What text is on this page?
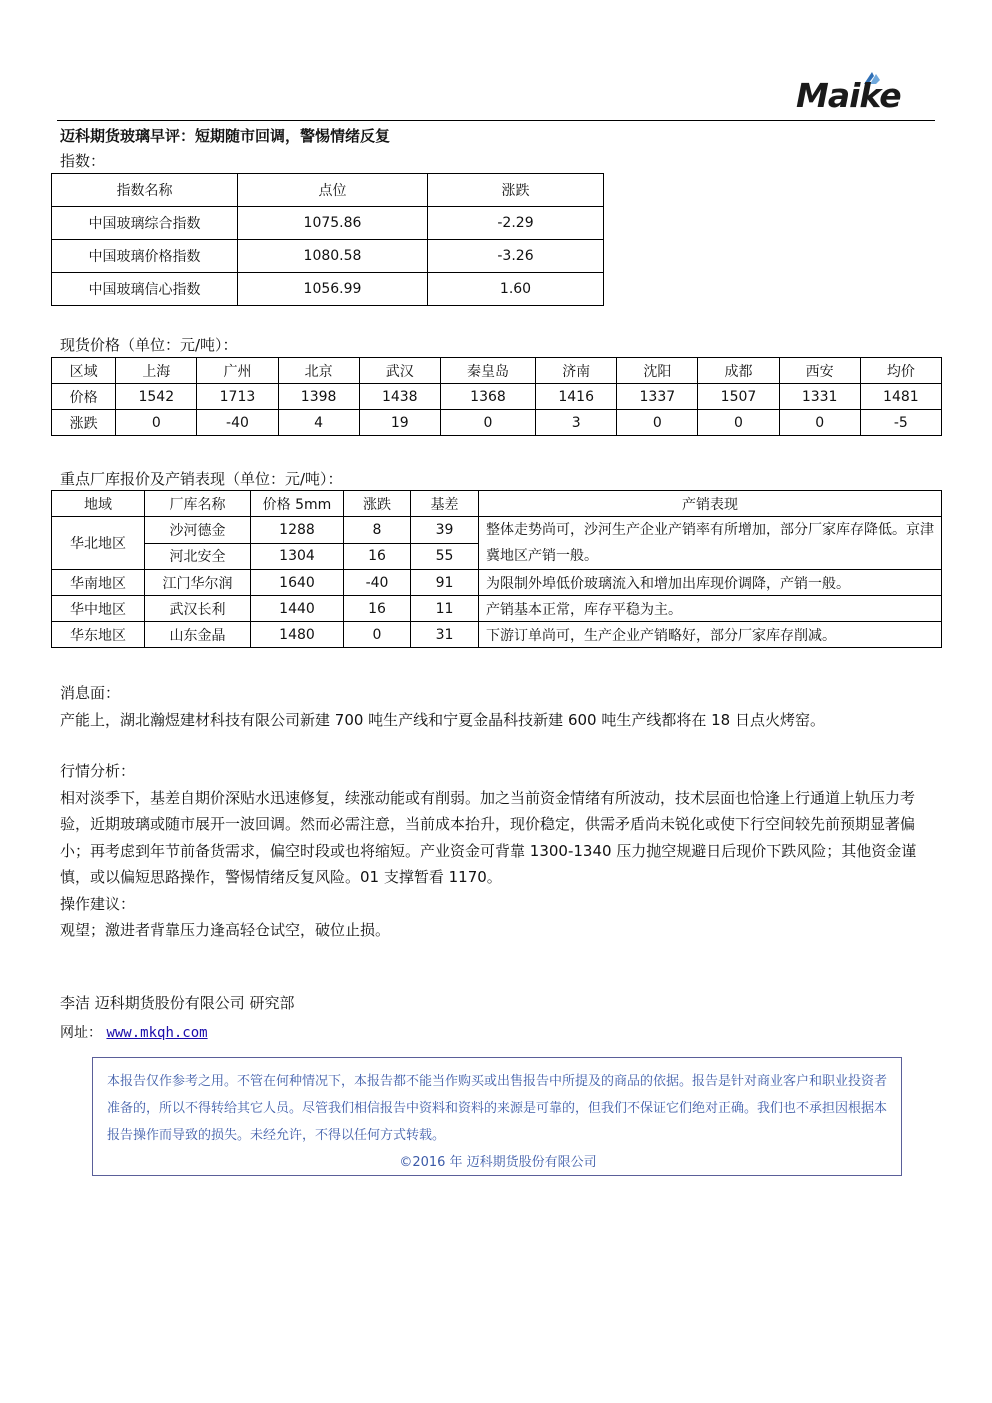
Maike
迈科期货玻璃早评：短期随市回调，警惕情绪反复
指数：
指数名称	点位	涨跌
中国玻璃综合指数	1075.86	-2.29
中国玻璃价格指数	1080.58	-3.26
中国玻璃信心指数	1056.99	1.60
现货价格（单位：元/吨）：
区域	上海	广州	北京	武汉	秦皇岛	济南	沈阳	成都	西安	均价
价格	1542	1713	1398	1438	1368	1416	1337	1507	1331	1481
涨跌	0	-40	4	19	0	3	0	0	0	-5
重点厂库报价及产销表现（单位：元/吨）：
地域	厂库名称	价格 5mm	涨跌	基差	产销表现
华北地区	沙河德金	1288	8	39	整体走势尚可，沙河生产企业产销率有所增加，部分厂家库存降低。京津冀地区产销一般。
	河北安全	1304	16	55	
华南地区	江门华尔润	1640	-40	91	为限制外埠低价玻璃流入和增加出库现价调降，产销一般。
华中地区	武汉长利	1440	16	11	产销基本正常，库存平稳为主。
华东地区	山东金晶	1480	0	31	下游订单尚可，生产企业产销略好，部分厂家库存削减。
消息面：
产能上，湖北瀚煜建材科技有限公司新建 700 吨生产线和宁夏金晶科技新建 600 吨生产线都将在 18 日点火烤窑。
行情分析：
相对淡季下，基差自期价深贴水迅速修复，续涨动能或有削弱。加之当前资金情绪有所波动，技术层面也恰逢上行通道上轨压力考验，近期玻璃或随市展开一波回调。然而必需注意，当前成本抬升，现价稳定，供需矛盾尚未锐化或使下行空间较先前预期显著偏小；再考虑到年节前备货需求，偏空时段或也将缩短。产业资金可背靠 1300-1340 压力抛空规避日后现价下跌风险；其他资金谨慎，或以偏短思路操作，警惕情绪反复风险。01 支撑暂看 1170。
操作建议：
观望；激进者背靠压力逢高轻仓试空，破位止损。
李洁 迈科期货股份有限公司 研究部
网址： www.mkqh.com
本报告仅作参考之用。不管在何种情况下，本报告都不能当作购买或出售报告中所提及的商品的依据。报告是针对商业客户和职业投资者准备的，所以不得转给其它人员。尽管我们相信报告中资料和资料的来源是可靠的，但我们不保证它们绝对正确。我们也不承担因根据本报告操作而导致的损失。未经允许，不得以任何方式转载。
©2016 年 迈科期货股份有限公司
